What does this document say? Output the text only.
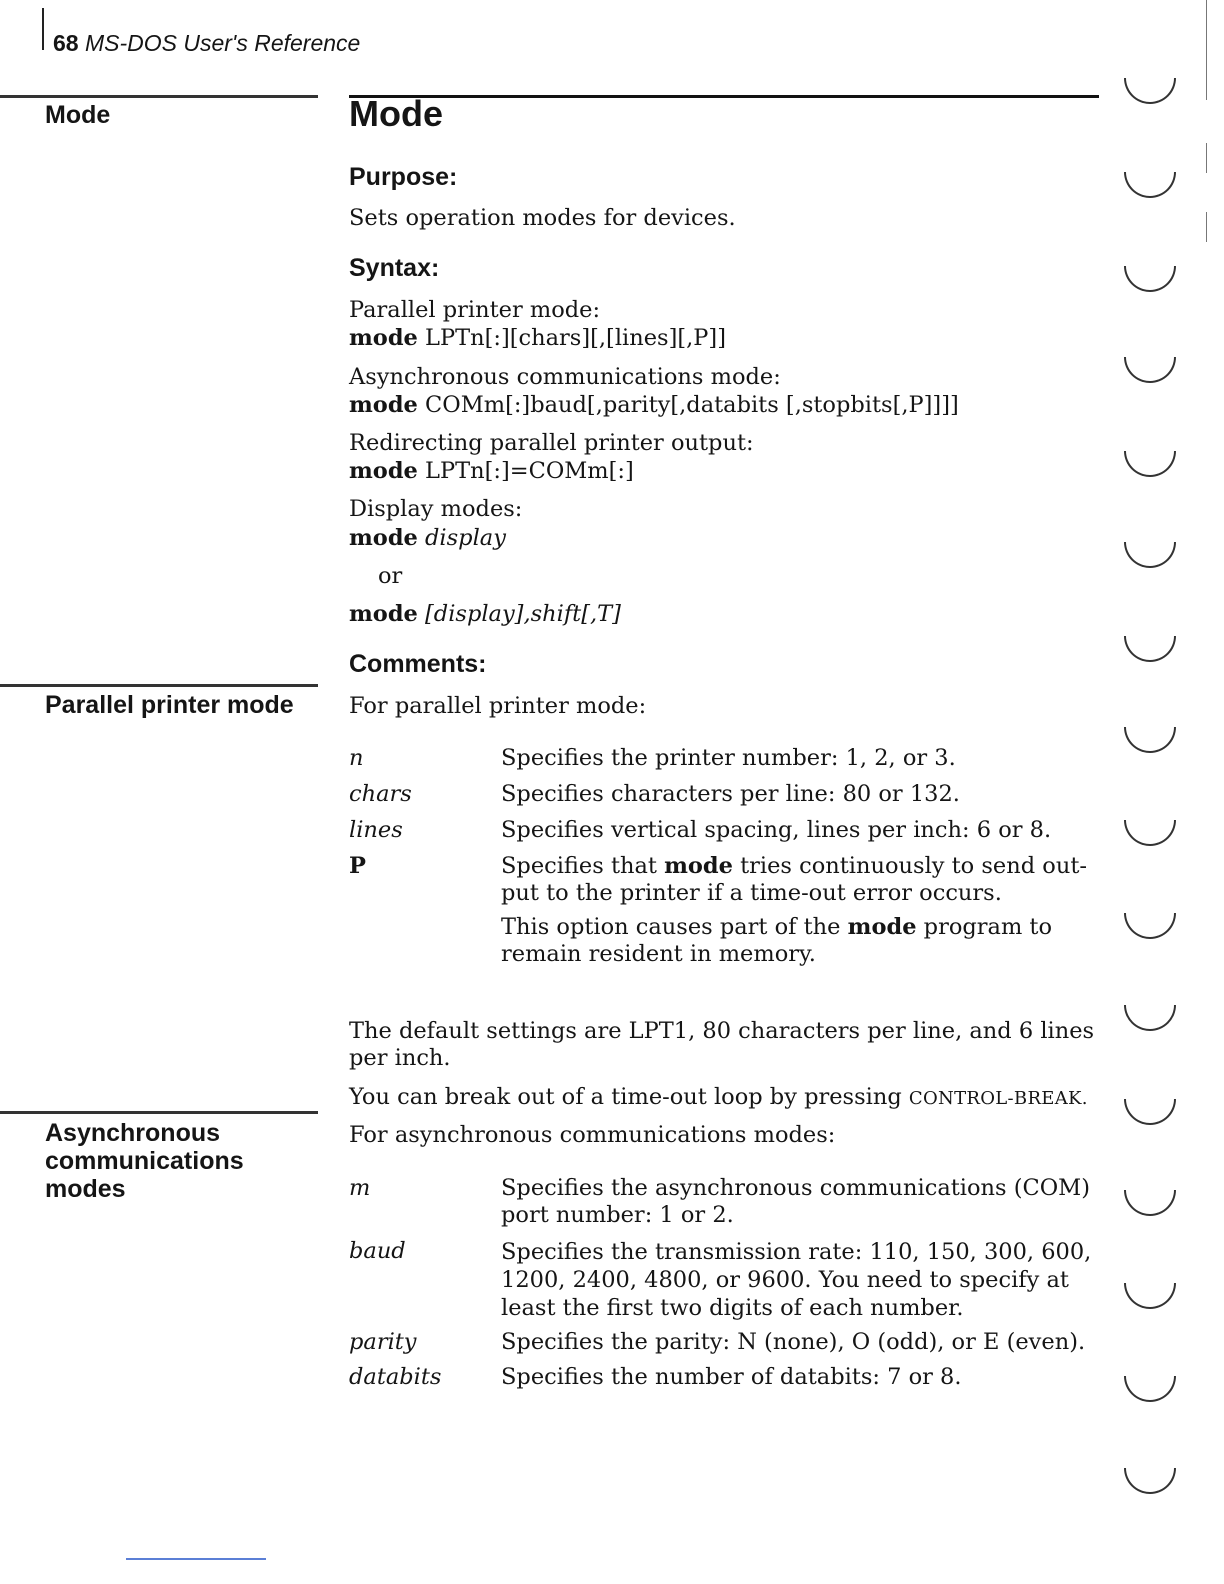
68 MS-DOS User's Reference
Mode
Parallel printer mode
Asynchronous
communications
modes
Mode
Purpose:
Sets operation modes for devices.
Syntax:
Parallel printer mode:
mode LPTn[:][chars][,[lines][,P]]
Asynchronous communications mode:
mode COMm[:]baud[,parity[,databits [,stopbits[,P]]]]
Redirecting parallel printer output:
mode LPTn[:]=COMm[:]
Display modes:
mode display
or
mode [display],shift[,T]
Comments:
For parallel printer mode:
n	Specifies the printer number: 1, 2, or 3.
chars	Specifies characters per line: 80 or 132.
lines	Specifies vertical spacing, lines per inch: 6 or 8.
P	Specifies that mode tries continuously to send out-
put to the printer if a time-out error occurs.
This option causes part of the mode program to
remain resident in memory.
The default settings are LPT1, 80 characters per line, and 6 lines
per inch.
You can break out of a time-out loop by pressing CONTROL-BREAK.
For asynchronous communications modes:
m	Specifies the asynchronous communications (COM)
port number: 1 or 2.
baud	Specifies the transmission rate: 110, 150, 300, 600,
1200, 2400, 4800, or 9600. You need to specify at
least the first two digits of each number.
parity	Specifies the parity: N (none), O (odd), or E (even).
databits	Specifies the number of databits: 7 or 8.
